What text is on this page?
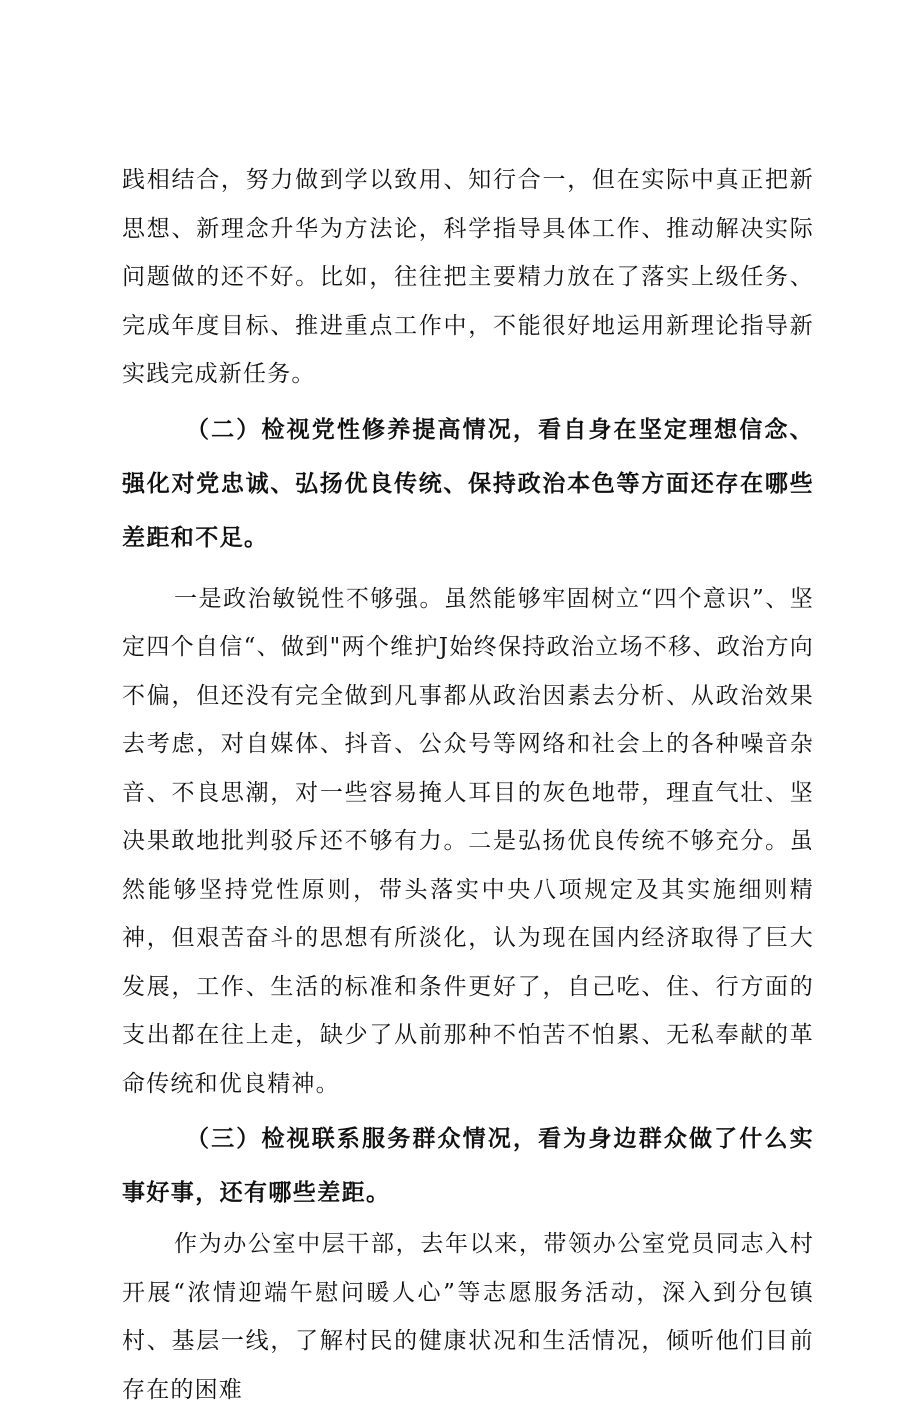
践相结合，努力做到学以致用、知行合一，但在实际中真正把新思想、新理念升华为方法论，科学指导具体工作、推动解决实际问题做的还不好。比如，往往把主要精力放在了落实上级任务、完成年度目标、推进重点工作中，不能很好地运用新理论指导新实践完成新任务。

（二）检视党性修养提高情况，看自身在坚定理想信念、强化对党忠诚、弘扬优良传统、保持政治本色等方面还存在哪些差距和不足。

一是政治敏锐性不够强。虽然能够牢固树立“四个意识”、坚定四个自信“、做到"两个维护J始终保持政治立场不移、政治方向不偏，但还没有完全做到凡事都从政治因素去分析、从政治效果去考虑，对自媒体、抖音、公众号等网络和社会上的各种噪音杂音、不良思潮，对一些容易掩人耳目的灰色地带，理直气壮、坚决果敢地批判驳斥还不够有力。二是弘扬优良传统不够充分。虽然能够坚持党性原则，带头落实中央八项规定及其实施细则精神，但艰苦奋斗的思想有所淡化，认为现在国内经济取得了巨大发展，工作、生活的标准和条件更好了，自己吃、住、行方面的支出都在往上走，缺少了从前那种不怕苦不怕累、无私奉献的革命传统和优良精神。

（三）检视联系服务群众情况，看为身边群众做了什么实事好事，还有哪些差距。

作为办公室中层干部，去年以来，带领办公室党员同志入村开展“浓情迎端午慰问暖人心”等志愿服务活动，深入到分包镇村、基层一线，了解村民的健康状况和生活情况，倾听他们目前存在的困难
